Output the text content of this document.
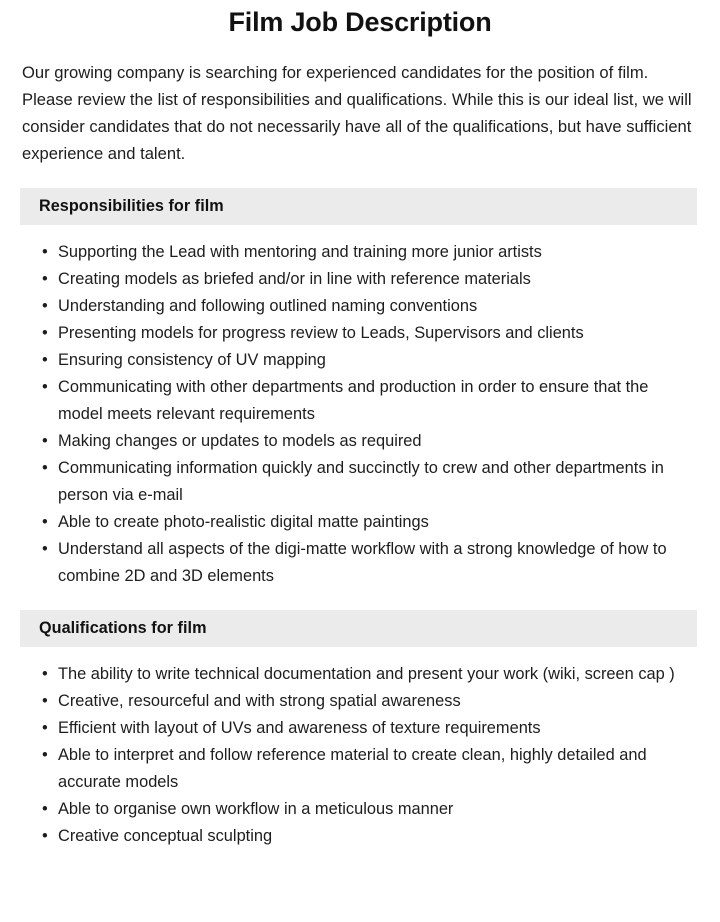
Film Job Description

Our growing company is searching for experienced candidates for the position of film. Please review the list of responsibilities and qualifications. While this is our ideal list, we will consider candidates that do not necessarily have all of the qualifications, but have sufficient experience and talent.

Responsibilities for film
• Supporting the Lead with mentoring and training more junior artists
• Creating models as briefed and/or in line with reference materials
• Understanding and following outlined naming conventions
• Presenting models for progress review to Leads, Supervisors and clients
• Ensuring consistency of UV mapping
• Communicating with other departments and production in order to ensure that the model meets relevant requirements
• Making changes or updates to models as required
• Communicating information quickly and succinctly to crew and other departments in person via e-mail
• Able to create photo-realistic digital matte paintings
• Understand all aspects of the digi-matte workflow with a strong knowledge of how to combine 2D and 3D elements
Qualifications for film
• The ability to write technical documentation and present your work (wiki, screen cap )
• Creative, resourceful and with strong spatial awareness
• Efficient with layout of UVs and awareness of texture requirements
• Able to interpret and follow reference material to create clean, highly detailed and accurate models
• Able to organise own workflow in a meticulous manner
• Creative conceptual sculpting
